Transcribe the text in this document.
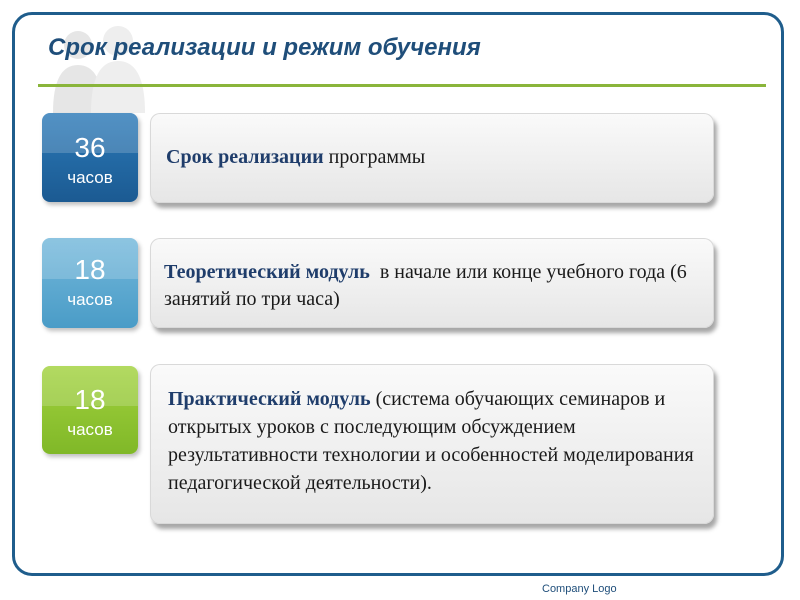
Срок реализации и режим обучения
36
часов
Срок реализации программы
18
часов
Теоретический модуль  в начале или конце учебного года (6 занятий по три часа)
18
часов
Практический модуль (система обучающих семинаров и открытых уроков с последующим обсуждением результативности технологии и особенностей моделирования педагогической деятельности).
Company Logo
